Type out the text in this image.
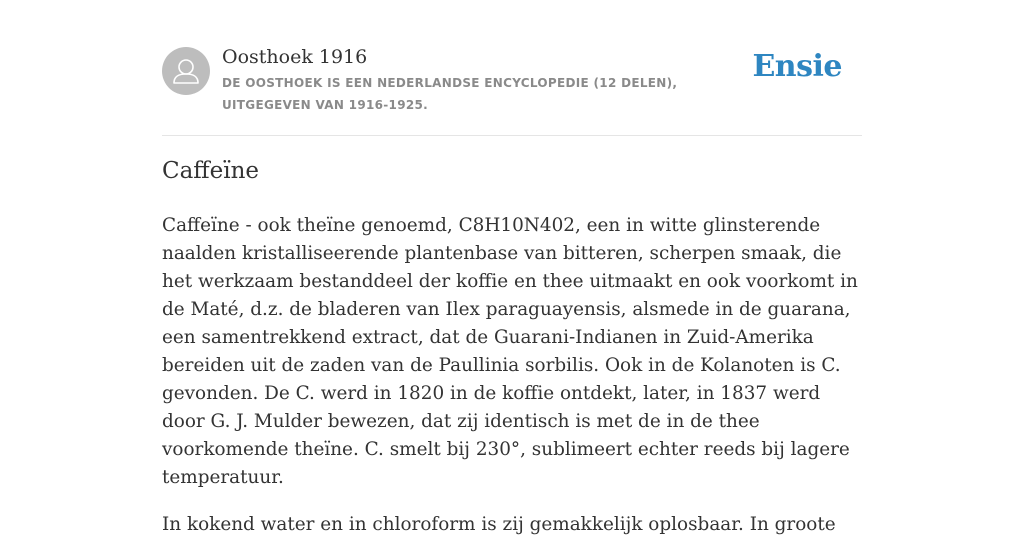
Oosthoek 1916
DE OOSTHOEK IS EEN NEDERLANDSE ENCYCLOPEDIE (12 DELEN), UITGEGEVEN VAN 1916-1925.
Ensie
Caffeïne

Caffeïne - ook theïne genoemd, C8H10N402, een in witte glinsterende naalden kristalliseerende plantenbase van bitteren, scherpen smaak, die het werkzaam bestanddeel der koffie en thee uitmaakt en ook voorkomt in de Maté, d.z. de bladeren van Ilex paraguayensis, alsmede in de guarana, een samentrekkend extract, dat de Guarani-Indianen in Zuid-Amerika bereiden uit de zaden van de Paullinia sorbilis. Ook in de Kolanoten is C. gevonden. De C. werd in 1820 in de koffie ontdekt, later, in 1837 werd door G. J. Mulder bewezen, dat zij identisch is met de in de thee voorkomende theïne. C. smelt bij 230°, sublimeert echter reeds bij lagere temperatuur.

In kokend water en in chloroform is zij gemakkelijk oplosbaar. In groote
